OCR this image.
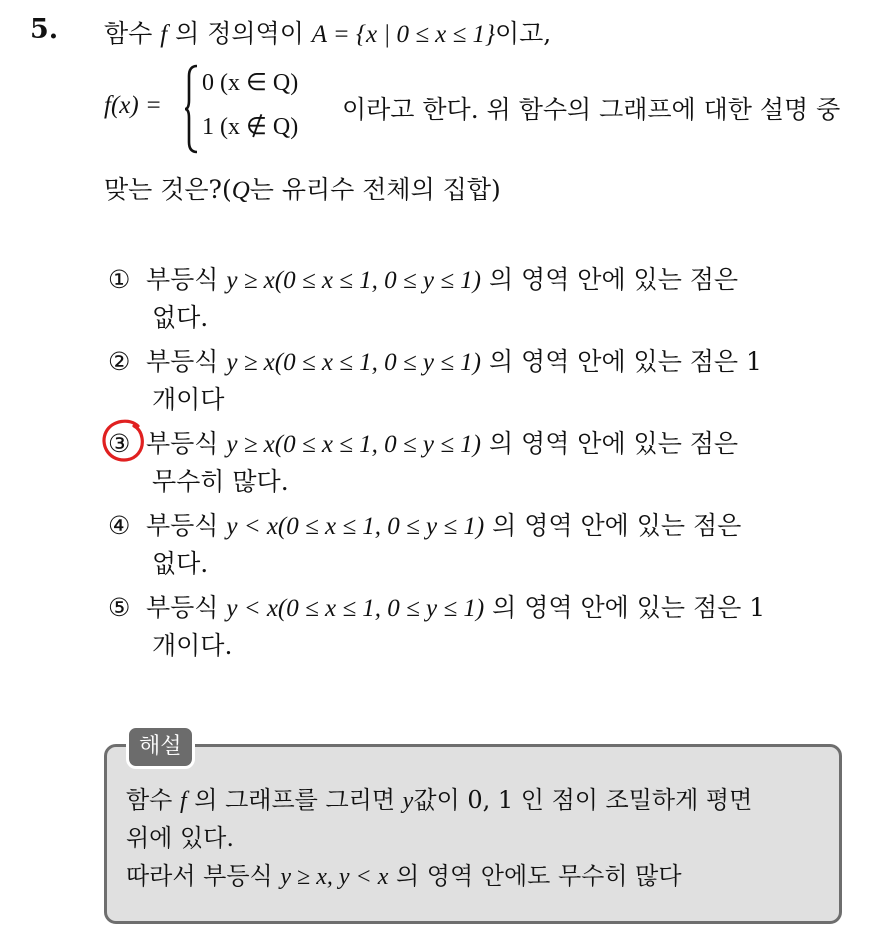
5. 함수 f 의 정의역이 A = {x | 0 ≤ x ≤ 1}이고,
f(x) =
0 (x ∈ Q)
1 (x ∉ Q)
이라고 한다. 위 함수의 그래프에 대한 설명 중
맞는 것은?(Q는 유리수 전체의 집합)
① 부등식 y ≥ x(0 ≤ x ≤ 1, 0 ≤ y ≤ 1) 의 영역 안에 있는 점은
없다.
② 부등식 y ≥ x(0 ≤ x ≤ 1, 0 ≤ y ≤ 1) 의 영역 안에 있는 점은 1
개이다
③ 부등식 y ≥ x(0 ≤ x ≤ 1, 0 ≤ y ≤ 1) 의 영역 안에 있는 점은
무수히 많다.
④ 부등식 y < x(0 ≤ x ≤ 1, 0 ≤ y ≤ 1) 의 영역 안에 있는 점은
없다.
⑤ 부등식 y < x(0 ≤ x ≤ 1, 0 ≤ y ≤ 1) 의 영역 안에 있는 점은 1
개이다.
해설
함수 f 의 그래프를 그리면 y값이 0, 1 인 점이 조밀하게 평면
위에 있다.
따라서 부등식 y ≥ x, y < x 의 영역 안에도 무수히 많다
